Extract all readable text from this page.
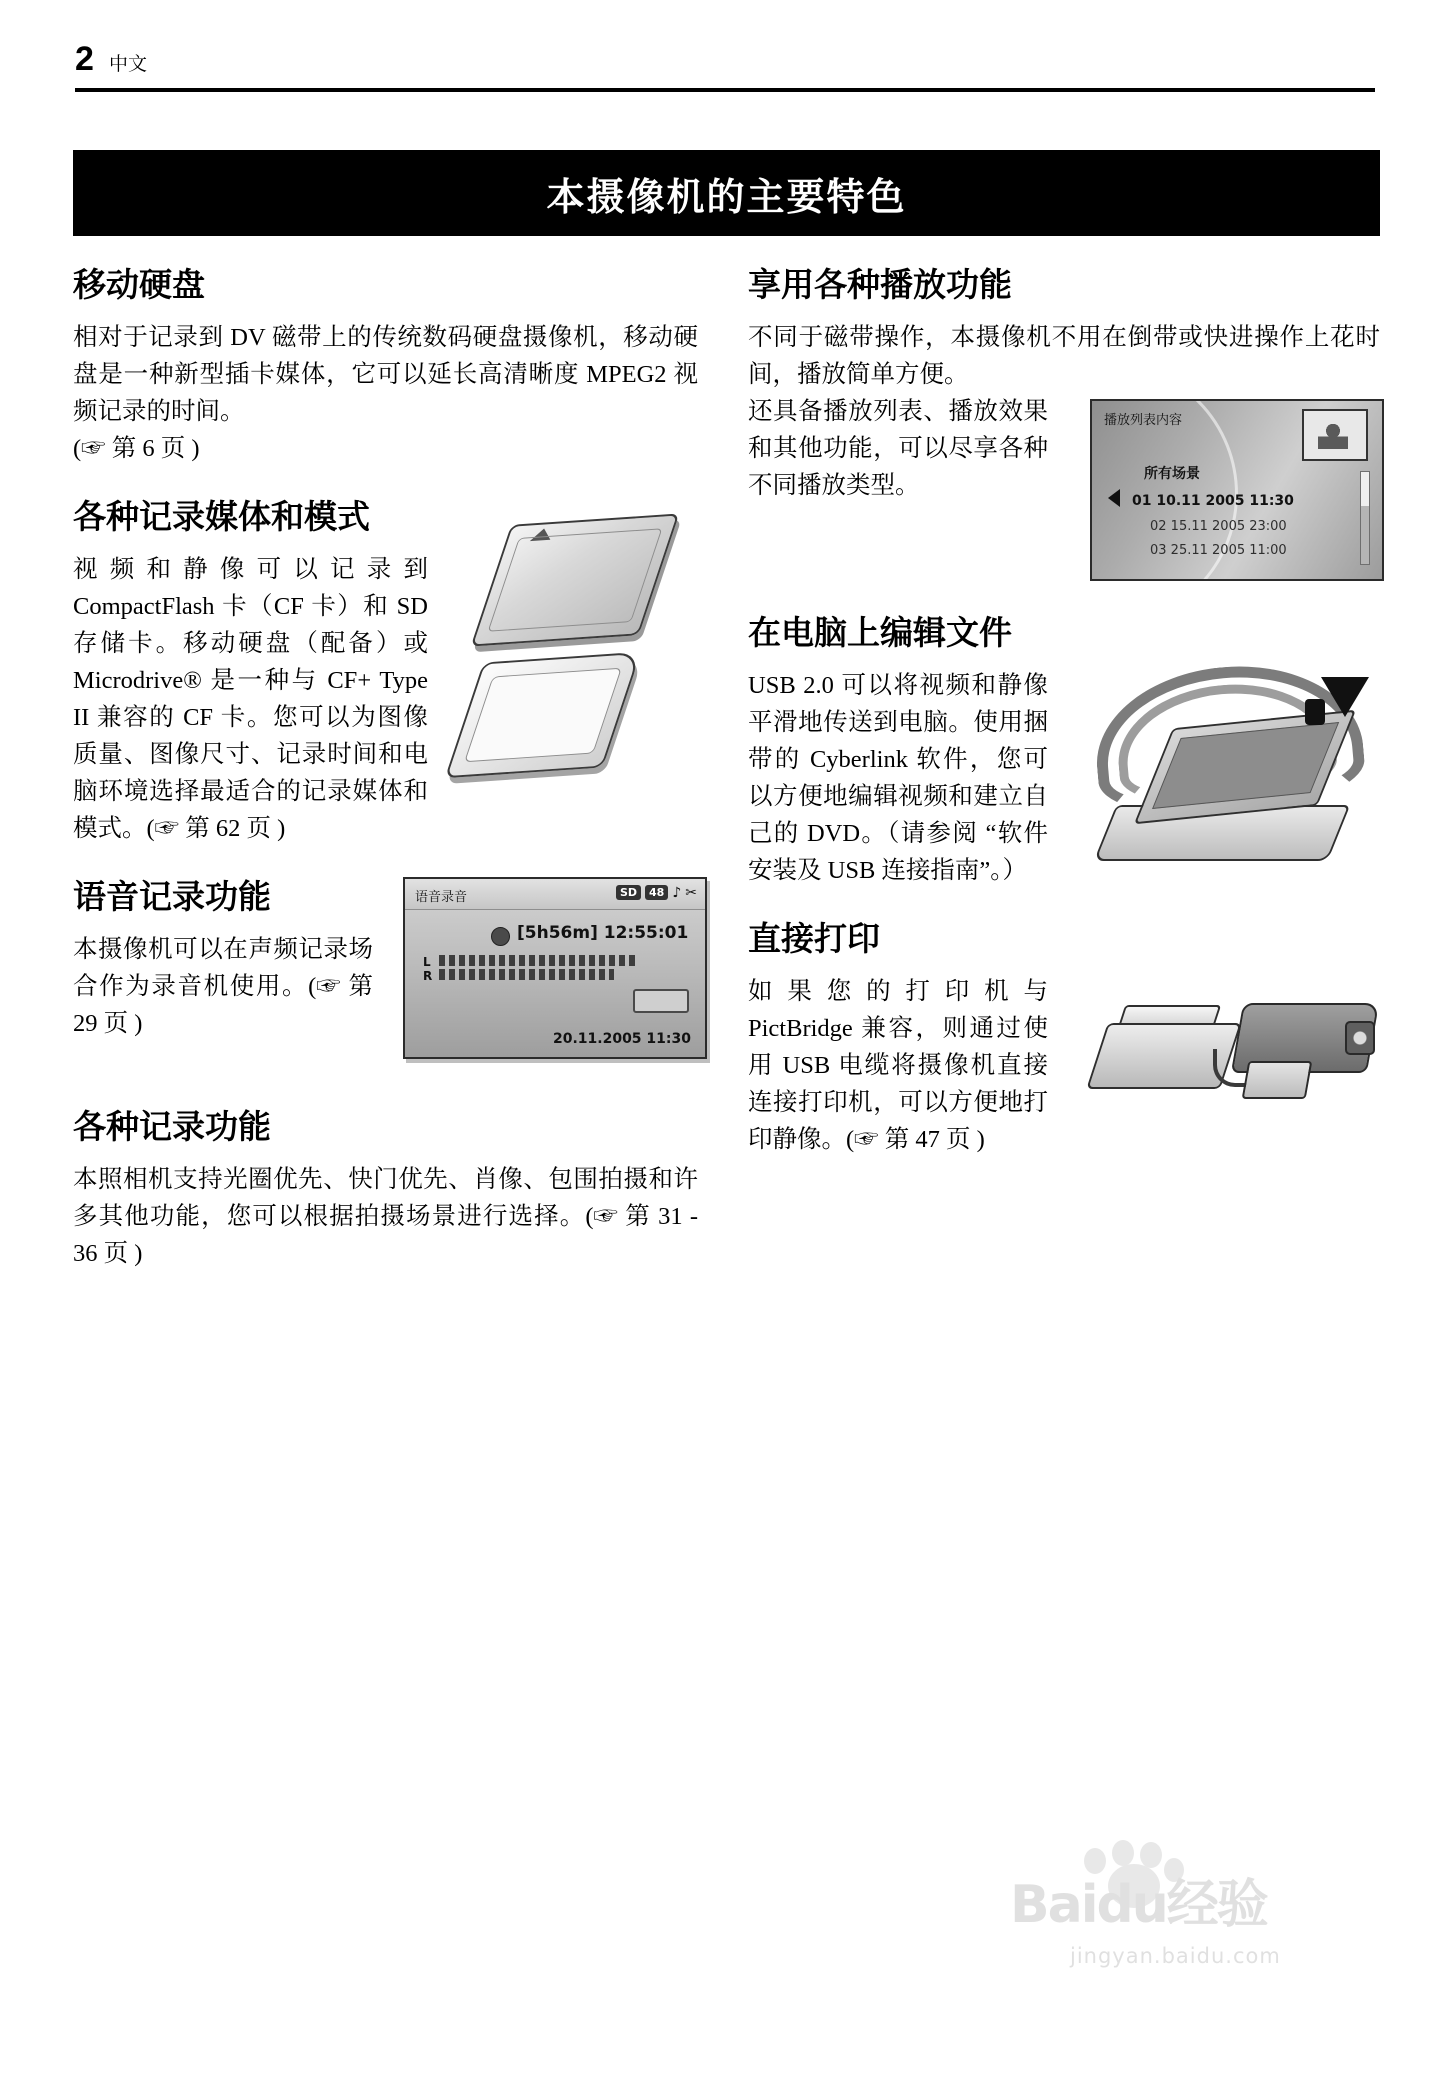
2 中文
本摄像机的主要特色
移动硬盘

相对于记录到 DV 磁带上的传统数码硬盘摄像机，移动硬盘是一种新型插卡媒体，它可以延长高清晰度 MPEG2 视频记录的时间。

(☞ 第 6 页 )

各种记录媒体和模式

视频和静像可以记录到 CompactFlash 卡（CF 卡）和 SD 存储卡。移动硬盘（配备）或 Microdrive® 是一种与 CF+ Type II 兼容的 CF 卡。您可以为图像质量、图像尺寸、记录时间和电脑环境选择最适合的记录媒体和模式。(☞ 第 62 页 )

语音记录功能	语音录音	SD	48 ♪ ✂
[5h56m] 12:55:01
L
R
20.11.2005 11:30

本摄像机可以在声频记录场合作为录音机使用。(☞ 第 29 页 )

各种记录功能

本照相机支持光圈优先、快门优先、肖像、包围拍摄和许多其他功能，您可以根据拍摄场景进行选择。(☞ 第 31 - 36 页 )

享用各种播放功能

不同于磁带操作，本摄像机不用在倒带或快进操作上花时间，播放简单方便。

播放列表内容
所有场景
01 10.11 2005 11:30
02 15.11 2005 23:00
03 25.11 2005 11:00

还具备播放列表、播放效果和其他功能，可以尽享各种不同播放类型。

在电脑上编辑文件

USB 2.0 可以将视频和静像平滑地传送到电脑。使用捆带的 Cyberlink 软件，您可以方便地编辑视频和建立自己的 DVD。（请参阅 “软件安装及 USB 连接指南”。）

直接打印

如果您的打印机与 PictBridge 兼容，则通过使用 USB 电缆将摄像机直接连接打印机，可以方便地打印静像。(☞ 第 47 页 )

Baidu经验
jingyan.baidu.com
